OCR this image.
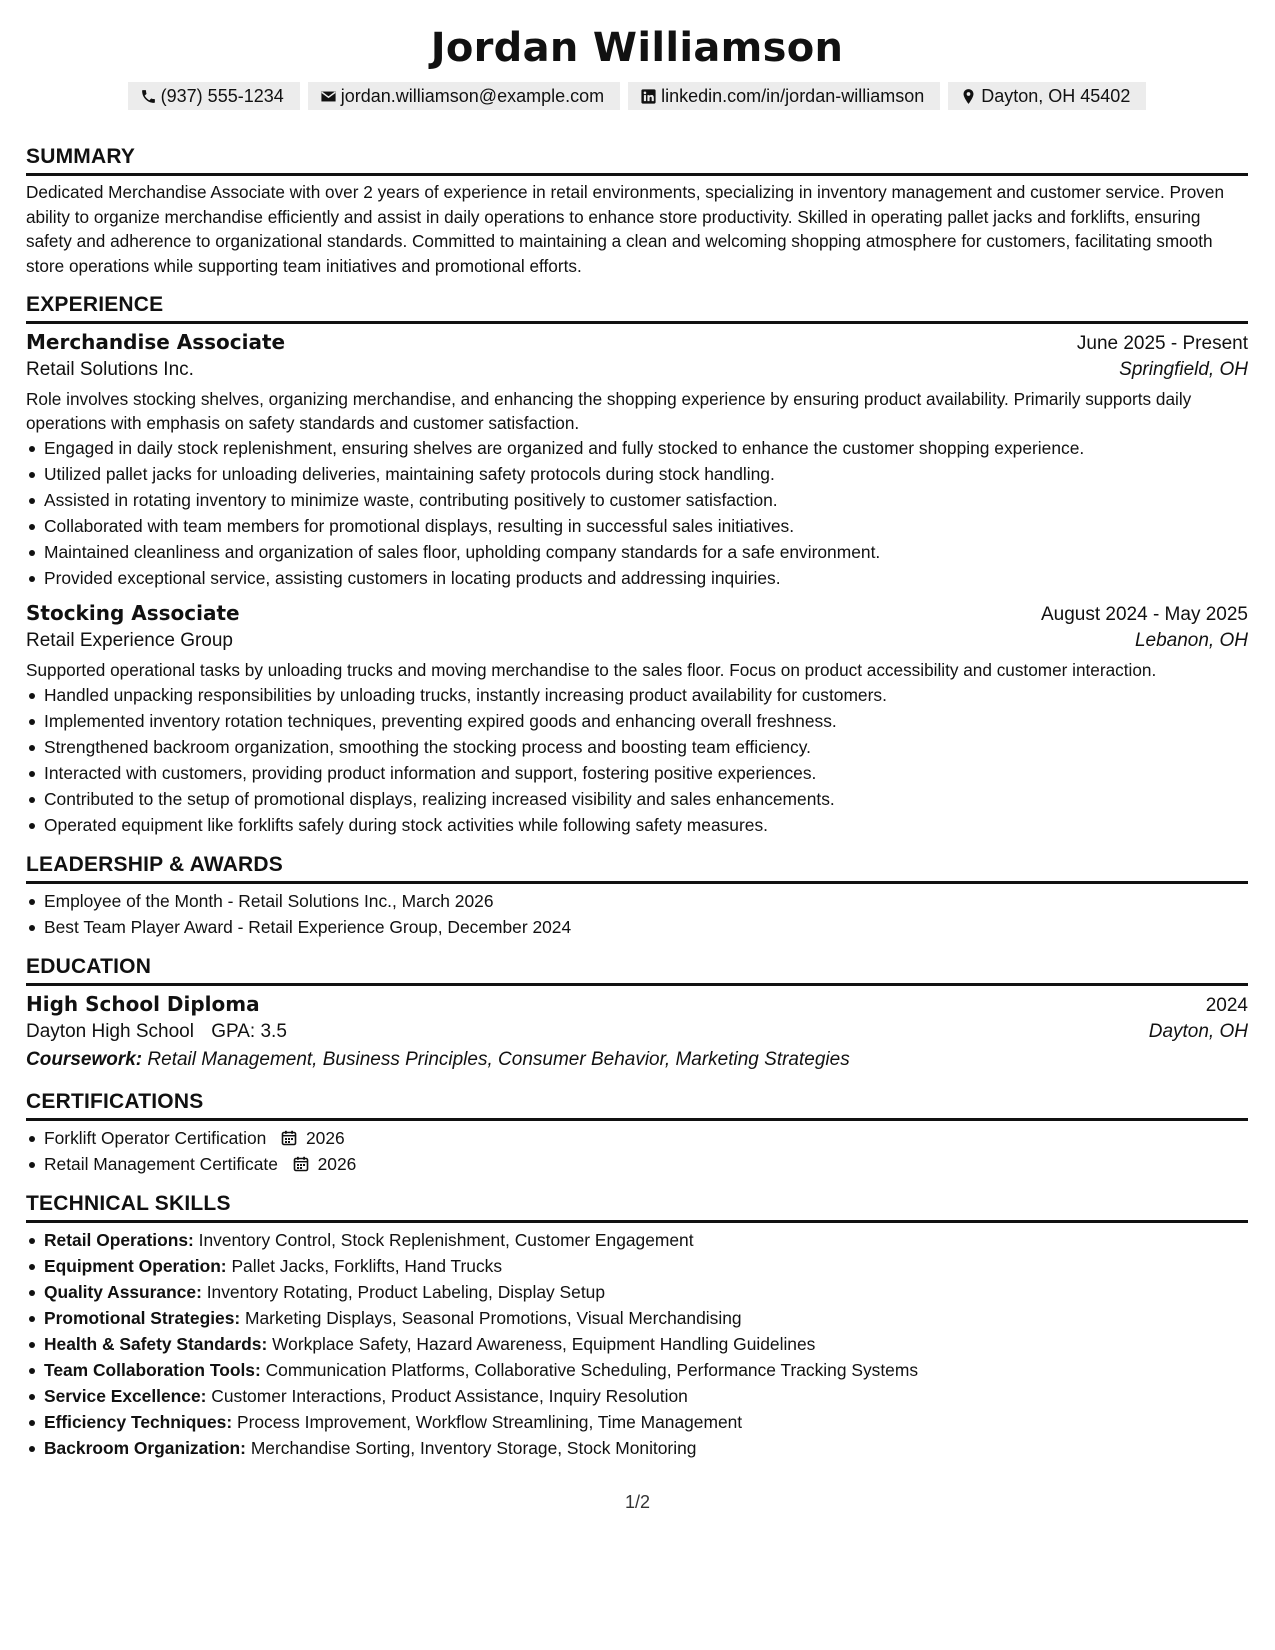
Jordan Williamson
(937) 555-1234	jordan.williamson@example.com	linkedin.com/in/jordan-williamson	Dayton, OH 45402
SUMMARY
Dedicated Merchandise Associate with over 2 years of experience in retail environments, specializing in inventory management and customer service. Proven ability to organize merchandise efficiently and assist in daily operations to enhance store productivity. Skilled in operating pallet jacks and forklifts, ensuring safety and adherence to organizational standards. Committed to maintaining a clean and welcoming shopping atmosphere for customers, facilitating smooth store operations while supporting team initiatives and promotional efforts.
EXPERIENCE
Merchandise Associate	June 2025 - Present
Retail Solutions Inc.	Springfield, OH
Role involves stocking shelves, organizing merchandise, and enhancing the shopping experience by ensuring product availability. Primarily supports daily operations with emphasis on safety standards and customer satisfaction.
Engaged in daily stock replenishment, ensuring shelves are organized and fully stocked to enhance the customer shopping experience.
Utilized pallet jacks for unloading deliveries, maintaining safety protocols during stock handling.
Assisted in rotating inventory to minimize waste, contributing positively to customer satisfaction.
Collaborated with team members for promotional displays, resulting in successful sales initiatives.
Maintained cleanliness and organization of sales floor, upholding company standards for a safe environment.
Provided exceptional service, assisting customers in locating products and addressing inquiries.
Stocking Associate	August 2024 - May 2025
Retail Experience Group	Lebanon, OH
Supported operational tasks by unloading trucks and moving merchandise to the sales floor. Focus on product accessibility and customer interaction.
Handled unpacking responsibilities by unloading trucks, instantly increasing product availability for customers.
Implemented inventory rotation techniques, preventing expired goods and enhancing overall freshness.
Strengthened backroom organization, smoothing the stocking process and boosting team efficiency.
Interacted with customers, providing product information and support, fostering positive experiences.
Contributed to the setup of promotional displays, realizing increased visibility and sales enhancements.
Operated equipment like forklifts safely during stock activities while following safety measures.
LEADERSHIP & AWARDS
Employee of the Month - Retail Solutions Inc., March 2026
Best Team Player Award - Retail Experience Group, December 2024
EDUCATION
High School Diploma	2024
Dayton High School GPA: 3.5	Dayton, OH
Coursework: Retail Management, Business Principles, Consumer Behavior, Marketing Strategies
CERTIFICATIONS
Forklift Operator Certification 2026
Retail Management Certificate 2026
TECHNICAL SKILLS
Retail Operations: Inventory Control, Stock Replenishment, Customer Engagement
Equipment Operation: Pallet Jacks, Forklifts, Hand Trucks
Quality Assurance: Inventory Rotating, Product Labeling, Display Setup
Promotional Strategies: Marketing Displays, Seasonal Promotions, Visual Merchandising
Health & Safety Standards: Workplace Safety, Hazard Awareness, Equipment Handling Guidelines
Team Collaboration Tools: Communication Platforms, Collaborative Scheduling, Performance Tracking Systems
Service Excellence: Customer Interactions, Product Assistance, Inquiry Resolution
Efficiency Techniques: Process Improvement, Workflow Streamlining, Time Management
Backroom Organization: Merchandise Sorting, Inventory Storage, Stock Monitoring
1/2
